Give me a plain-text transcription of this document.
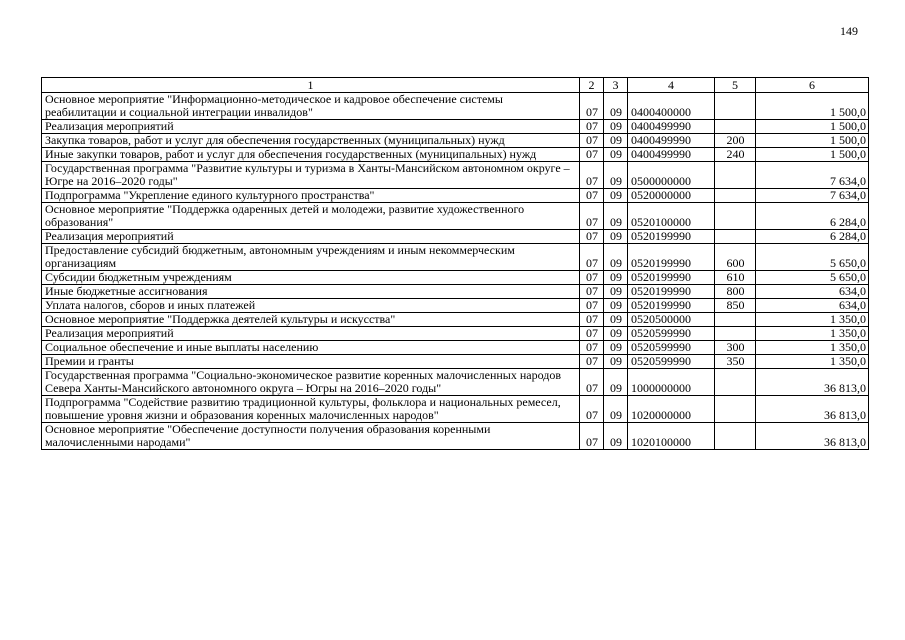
149
1	2	3	4	5	6
Основное мероприятие "Информационно-методическое и кадровое обеспечение системы реабилитации и социальной интеграции инвалидов"	07	09	0400400000		1 500,0
Реализация мероприятий	07	09	0400499990		1 500,0
Закупка товаров, работ и услуг для обеспечения государственных (муниципальных) нужд	07	09	0400499990	200	1 500,0
Иные закупки товаров, работ и услуг для обеспечения государственных (муниципальных) нужд	07	09	0400499990	240	1 500,0
Государственная программа "Развитие культуры и туризма в Ханты-Мансийском автономном округе – Югре на 2016–2020 годы"	07	09	0500000000		7 634,0
Подпрограмма "Укрепление единого культурного пространства"	07	09	0520000000		7 634,0
Основное мероприятие "Поддержка одаренных детей и молодежи, развитие художественного образования"	07	09	0520100000		6 284,0
Реализация мероприятий	07	09	0520199990		6 284,0
Предоставление субсидий бюджетным, автономным учреждениям и иным некоммерческим организациям	07	09	0520199990	600	5 650,0
Субсидии бюджетным учреждениям	07	09	0520199990	610	5 650,0
Иные бюджетные ассигнования	07	09	0520199990	800	634,0
Уплата налогов, сборов и иных платежей	07	09	0520199990	850	634,0
Основное мероприятие "Поддержка деятелей культуры и искусства"	07	09	0520500000		1 350,0
Реализация мероприятий	07	09	0520599990		1 350,0
Социальное обеспечение и иные выплаты населению	07	09	0520599990	300	1 350,0
Премии и гранты	07	09	0520599990	350	1 350,0
Государственная программа "Социально-экономическое развитие коренных малочисленных народов Севера Ханты-Мансийского автономного округа – Югры на 2016–2020 годы"	07	09	1000000000		36 813,0
Подпрограмма "Содействие развитию традиционной культуры, фольклора и национальных ремесел, повышение уровня жизни и образования коренных малочисленных народов"	07	09	1020000000		36 813,0
Основное мероприятие "Обеспечение доступности получения образования коренными малочисленными народами"	07	09	1020100000		36 813,0
